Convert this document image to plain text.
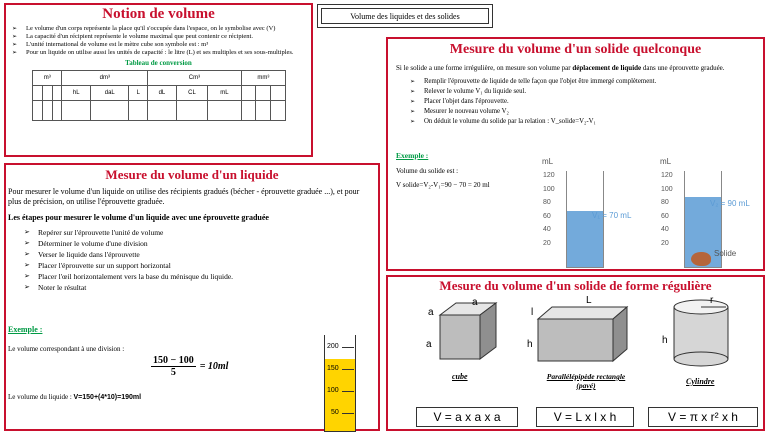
Notion de volume
➢ Le volume d'un corps représente la place qu'il s'occupée dans l'espace, on le symbolise avec (V)
➢ La capacité d'un récipient représente le volume maximal que peut contenir ce récipient.
➢ L'unité international de volume est le mètre cube son symbole est : m³
➢ Pour un liquide on utilise aussi les unités de capacité : le litre (L) et ses multiples et ses sous-multiples.
Tableau de conversion
m³			dm³			Cm³			mm³		
			hL	daL	L	dL	CL	mL			

Volume des liquides et des solides
Mesure du volume d'un liquide
Pour mesurer le volume d'un liquide on utilise des récipients gradués (bécher - éprouvette graduée ...), et pour plus de précision, on utilise l'éprouvette graduée.
Les étapes pour mesurer le volume d'un liquide avec une éprouvette graduée
➢ Repérer sur l'éprouvette l'unité de volume
➢ Déterminer le volume d'une division
➢ Verser le liquide dans l'éprouvette
➢ Placer l'éprouvette sur un support horizontal
➢ Placer l'œil horizontalement vers la base du ménisque du liquide.
➢ Noter le résultat
Exemple :
Le volume correspondant à une division :
$\frac{150 - 100}{5} = 10ml$
Le volume du liquide : V=150+(4*10)=190ml
200
150
100
50
Mesure du volume d'un solide quelconque
Si le solide a une forme irrégulière, on mesure son volume par déplacement de liquide dans une éprouvette graduée.
➢ Remplir l'éprouvette de liquide de telle façon que l'objet être immergé complètement.
➢ Relever le volume V₁ du liquide seul.
➢ Placer l'objet dans l'éprouvette.
➢ Mesurer le nouveau volume V₂
➢ On déduit le volume du solide par la relation : V_solide=V₂-V₁
Exemple :
Volume du solide est :
V solide=V₂-V₁=90 − 70 = 20 ml
mL
120
100
80
60
40
20
V₁ = 70 mL
mL
120
100
80
60
40
20
V₂ = 90 mL
Solide
Mesure du volume d'un solide de forme régulière
a
a
a
cube
L
l
h
Parallélépipède rectangle (pavé)
r
h
Cylindre
V = a x a x a	V = L x l x h	V = π x r² x h
